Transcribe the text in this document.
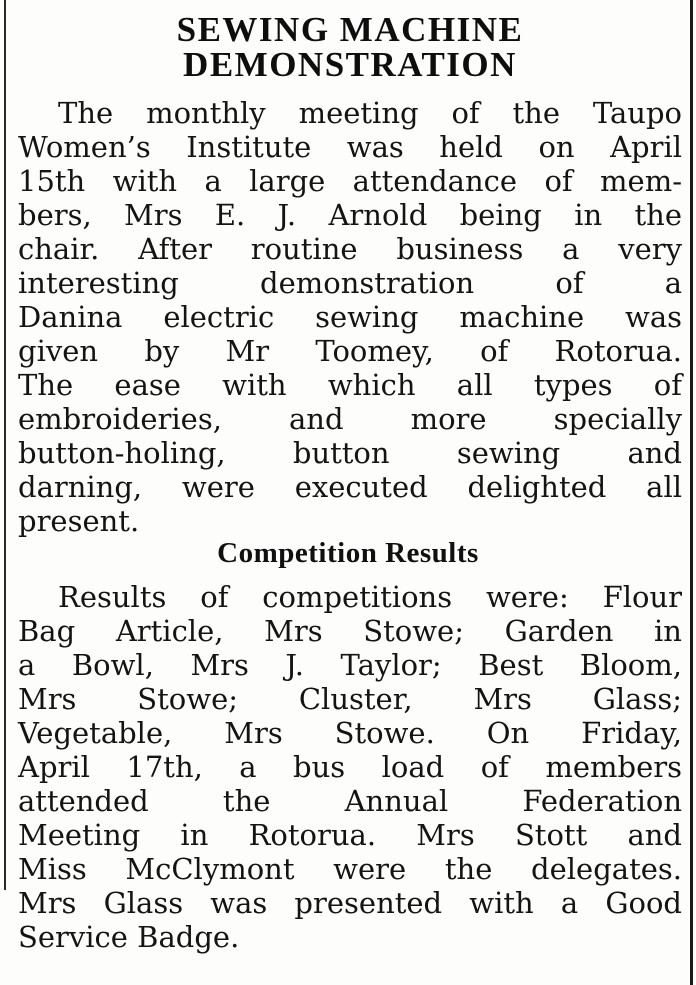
SEWING MACHINE
DEMONSTRATION
The monthly meeting of the Taupo
Women’s Institute was held on April
15th with a large attendance of mem-
bers, Mrs E. J. Arnold being in the
chair. After routine business a very
interesting demonstration of a
Danina electric sewing machine was
given by Mr Toomey, of Rotorua.
The ease with which all types of
embroideries, and more specially
button-holing, button sewing and
darning, were executed delighted all
present.
Competition Results
Results of competitions were: Flour
Bag Article, Mrs Stowe; Garden in
a Bowl, Mrs J. Taylor; Best Bloom,
Mrs Stowe; Cluster, Mrs Glass;
Vegetable, Mrs Stowe. On Friday,
April 17th, a bus load of members
attended the Annual Federation
Meeting in Rotorua. Mrs Stott and
Miss McClymont were the delegates.
Mrs Glass was presented with a Good
Service Badge.
